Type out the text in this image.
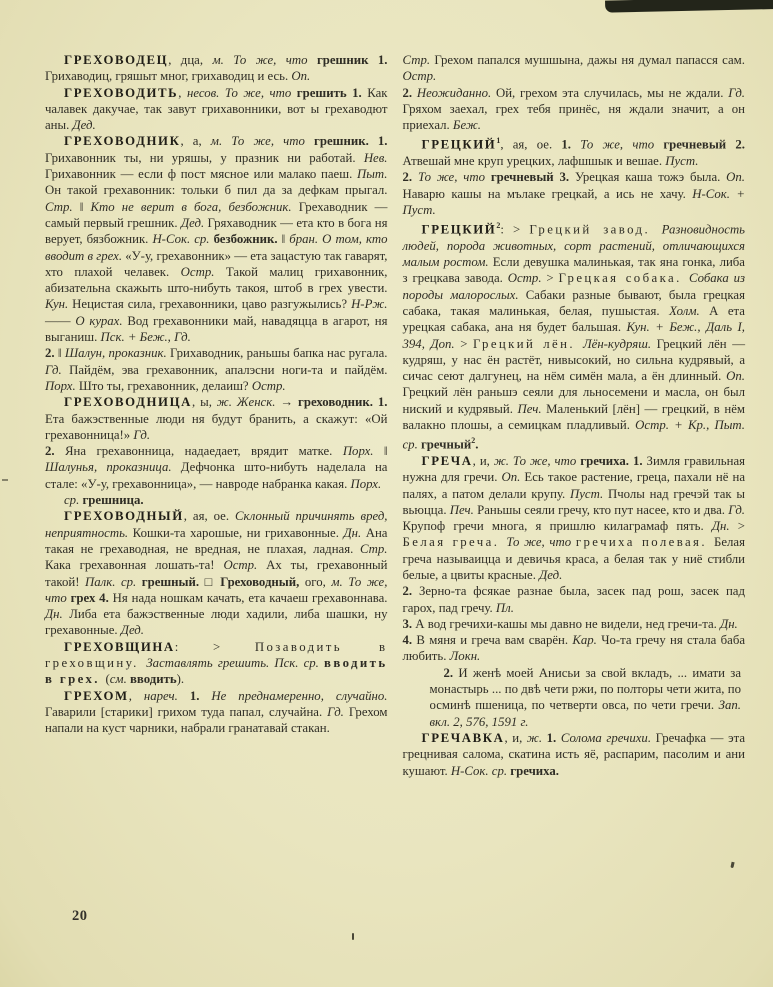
ГРЕХОВОДЕЦ, дца, м. То же, что грешник 1. Грихаводиц, гряшыт мног, грихаводиц и есь. Оп.

ГРЕХОВОДИТЬ, несов. То же, что грешить 1. Как чалавек дакучае, так завут грихавонники, вот ы грехаводют аны. Дед.

ГРЕХОВОДНИК, а, м. То же, что грешник. 1. Грихавонник ты, ни уряшы, у празник ни работай. Нев. Грихавонник — если ф пост мясное или малако паеш. Пыт. Он такой грехавонник: тольки б пил да за дефкам прыгал. Стр. ‖ Кто не верит в бога, безбожник. Грехаводник — самый первый грешник. Дед. Гряхаводник — ета кто в бога ня верует, бязбожник. Н-Сок. ср. безбожник. ‖ бран. О том, кто вводит в грех. «У-у, грехавонник» — ета зацастую так гаварят, хто плахой челавек. Остр. Такой малиц грихавонник, абизательна скажыть што-нибуть такоя, штоб в грех увести. Кун. Нецистая сила, грехавонники, цаво разгужылись? Н-Рж. —— О курах. Вод грехавонники май, навадяцца в агарот, ня выганиш. Пск. + Беж., Гд.

2. ‖ Шалун, проказник. Грихаводник, раньшы бапка нас ругала. Гд. Пайдём, эва грехавонник, апалэсни ноги-та и пайдём. Порх. Што ты, грехавонник, делаиш? Остр.

ГРЕХОВОДНИЦА, ы, ж. Женск. → греховодник. 1. Ета бажэственные люди ня будут бранить, а скажут: «Ой грехавонница!» Гд.

2. Яна грехавонница, надаедает, врядит матке. Порх. ‖ Шалунья, проказница. Дефчонка што-нибуть наделала на стале: «У-у, грехавонница», — навроде набранка какая. Порх.

ср. грешница.

ГРЕХОВОДНЫЙ, ая, ое. Склонный причинять вред, неприятность. Кошки-та харошые, ни грихавонные. Дн. Ана такая не грехаводная, не вредная, не плахая, ладная. Стр. Кака грехавонная лошать-та! Остр. Ах ты, грехавонный такой! Палк. ср. грешный. □ Греховодный, ого, м. То же, что грех 4. Ня нада ношкам качать, ета качаеш грехавоннава. Дн. Либа ета бажэственные люди хадили, либа шашки, ну грехавонные. Дед.

ГРЕХОВЩИНА: > Позаводить в греховщину. Заставлять грешить. Пск. ср. вводить в грех. (см. вводить).

ГРЕХОМ, нареч. 1. Не преднамеренно, случайно. Гаварили [старики] грихом туда папал, случайна. Гд. Грехом напали на куст чарники, набрали гранатавай стакан.

Стр. Грехом папался мушшына, дажы ня думал папасся сам. Остр.

2. Неожиданно. Ой, грехом эта случилась, мы не ждали. Гд. Гряхом заехал, грех тебя принёс, ня ждали значит, а он приехал. Беж.

ГРЕЦКИЙ$^1$, ая, ое. 1. То же, что гречневый 2. Атвешай мне круп урецких, лафшшык и вешае. Пуст.

2. То же, что гречневый 3. Урецкая каша тожэ была. Оп. Наварю кашы на мълаке грецкай, а ись не хачу. Н-Сок. + Пуст.

$ГРЕЦКИЙ^2$: > Грецкий завод. Разновидность людей, порода животных, сорт растений, отличающихся малым ростом. Если девушка малинькая, так яна гонка, либа з грецкава завода. Остр. > Грецкая собака. Собака из породы малорослых. Сабаки разные бывают, была грецкая сабака, такая малинькая, белая, пушыстая. Холм. А ета урецкая сабака, ана ня будет бальшая. Кун. + Беж., Даль I, 394, Доп. > Грецкий лён. Лён-кудряш. Грецкий лён — кудряш, у нас ён растёт, нивысокий, но сильна кудрявый, а сичас сеют далгунец, на нём симён мала, а ён длинный. Оп. Грецкий лён раньшэ сеяли для льносемени и масла, он был ниский и кудрявый. Печ. Маленький [лён] — грецкий, в нём валакно плошы, а семицкам пладливый. Остр. + Кр., Пыт. ср. гречный$^2$.

ГРЕЧА, и, ж. То же, что гречиха. 1. Зимля гравильная нужна для гречи. Оп. Есь такое растение, греца, пахали нё на палях, а патом делали крупу. Пуст. Пчолы над гречэй так ы вьюцца. Печ. Раньшы сеяли гречу, кто пут насее, кто и два. Гд. Крупоф гречи многа, я пришлю килаграмаф пять. Дн. > Белая греча. То же, что гречиха полевая. Белая греча называицца и девичья краса, а белая так у ниё стибли белые, а цвиты красные. Дед.

2. Зерно-та фсякае разнае была, засек пад рош, засек пад гарох, пад гречу. Пл.

3. А вод гречихи-кашы мы давно не видели, нед гречи-та. Дн.

4. В мяня и греча вам сварён. Кар. Чо-та гречу ня стала баба любить. Локн.

2. И женѣ моей Анисьи за свой вкладъ, ... имати за монастырь ... по двѣ чети ржи, по полторы чети жита, по осминѣ пшеница, по четверти овса, по чети гречи. Зап. вкл. 2, 576, 1591 г.

ГРЕЧАВКА, и, ж. 1. Солома гречихи. Гречафка — эта грецнивая салома, скатина исть яё, распарим, пасолим и ани кушают. Н-Сок. ср. гречиха.

20
